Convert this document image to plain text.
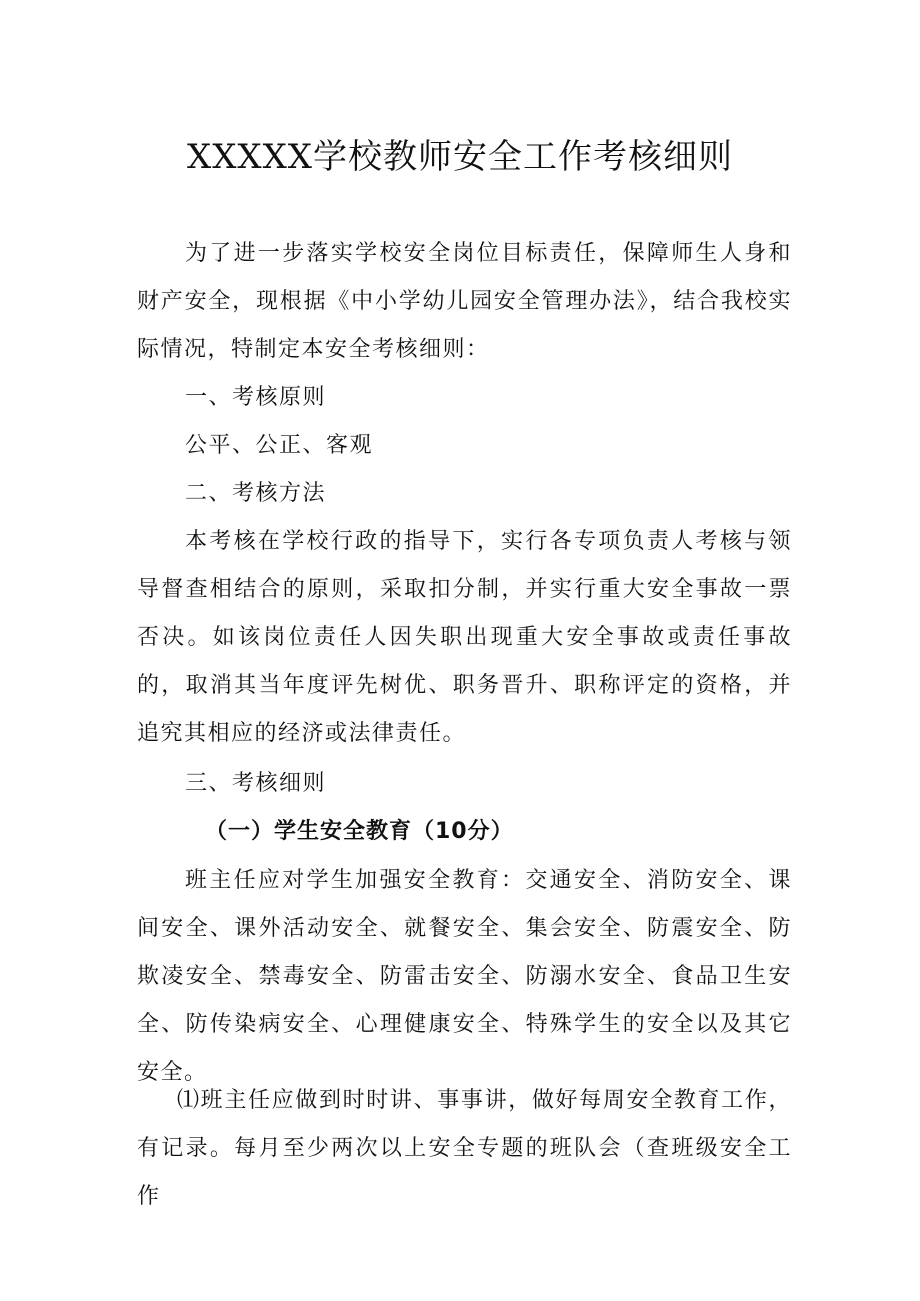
XXXXX学校教师安全工作考核细则

为了进一步落实学校安全岗位目标责任，保障师生人身和财产安全，现根据《中小学幼儿园安全管理办法》，结合我校实际情况，特制定本安全考核细则：

一、考核原则

公平、公正、客观

二、考核方法

本考核在学校行政的指导下，实行各专项负责人考核与领导督查相结合的原则，采取扣分制，并实行重大安全事故一票否决。如该岗位责任人因失职出现重大安全事故或责任事故的，取消其当年度评先树优、职务晋升、职称评定的资格，并追究其相应的经济或法律责任。

三、考核细则

（一）学生安全教育（10分）

班主任应对学生加强安全教育：交通安全、消防安全、课间安全、课外活动安全、就餐安全、集会安全、防震安全、防欺凌安全、禁毒安全、防雷击安全、防溺水安全、食品卫生安全、防传染病安全、心理健康安全、特殊学生的安全以及其它安全。

⑴班主任应做到时时讲、事事讲，做好每周安全教育工作，有记录。每月至少两次以上安全专题的班队会（查班级安全工作
